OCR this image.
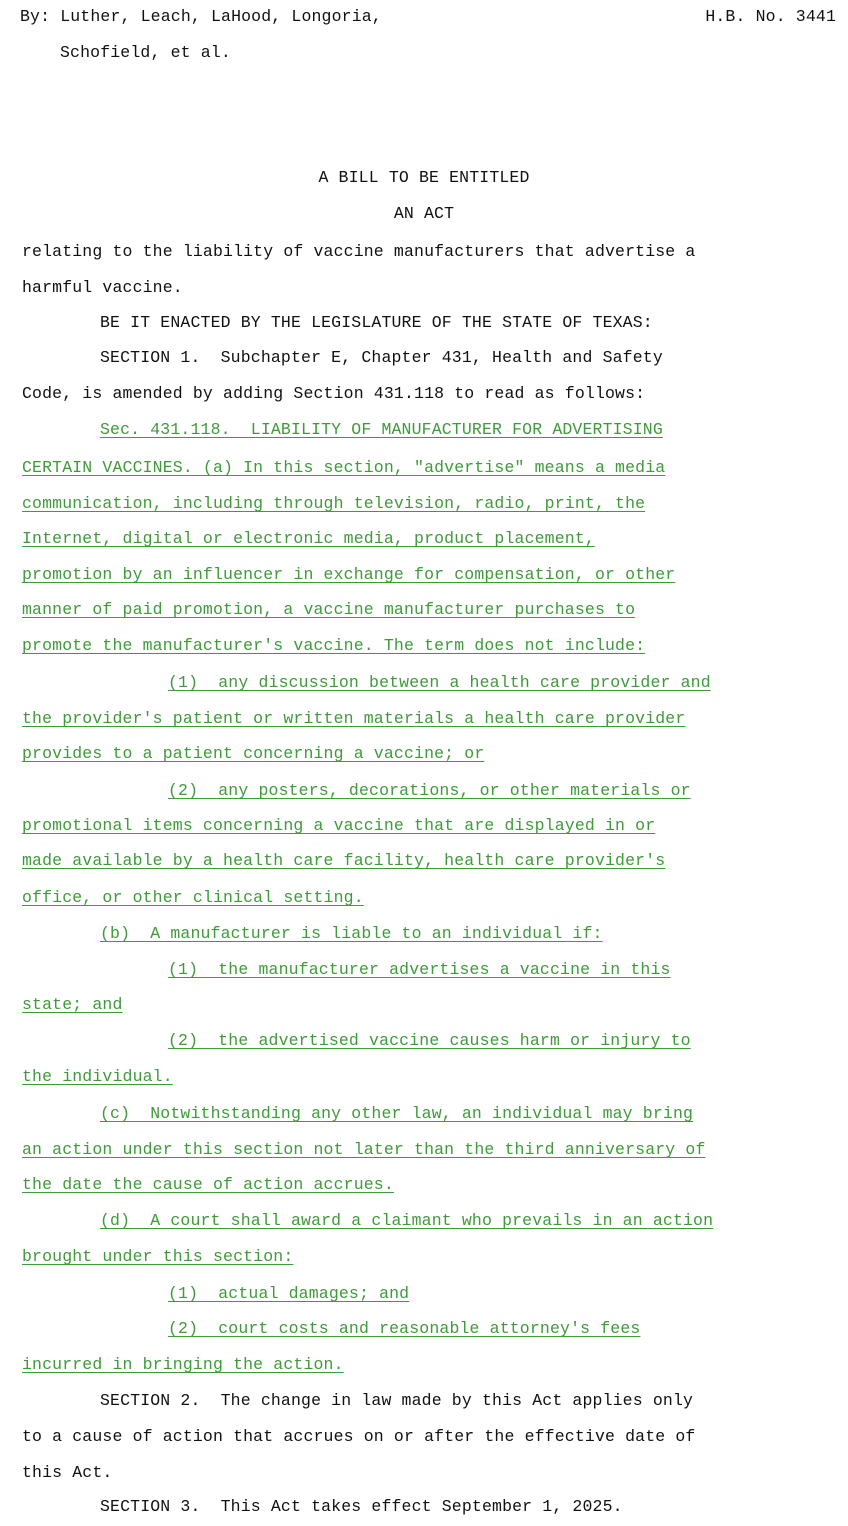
By: Luther, Leach, LaHood, Longoria,
Schofield, et al.
H.B. No. 3441
A BILL TO BE ENTITLED
AN ACT
relating to the liability of vaccine manufacturers that advertise a
harmful vaccine.
BE IT ENACTED BY THE LEGISLATURE OF THE STATE OF TEXAS:
SECTION 1.  Subchapter E, Chapter 431, Health and Safety
Code, is amended by adding Section 431.118 to read as follows:
Sec. 431.118.  LIABILITY OF MANUFACTURER FOR ADVERTISING
CERTAIN VACCINES. (a) In this section, "advertise" means a media
communication, including through television, radio, print, the
Internet, digital or electronic media, product placement,
promotion by an influencer in exchange for compensation, or other
manner of paid promotion, a vaccine manufacturer purchases to
promote the manufacturer's vaccine. The term does not include:
(1)  any discussion between a health care provider and
the provider's patient or written materials a health care provider
provides to a patient concerning a vaccine; or
(2)  any posters, decorations, or other materials or
promotional items concerning a vaccine that are displayed in or
made available by a health care facility, health care provider's
office, or other clinical setting.
(b)  A manufacturer is liable to an individual if:
(1)  the manufacturer advertises a vaccine in this
state; and
(2)  the advertised vaccine causes harm or injury to
the individual.
(c)  Notwithstanding any other law, an individual may bring
an action under this section not later than the third anniversary of
the date the cause of action accrues.
(d)  A court shall award a claimant who prevails in an action
brought under this section:
(1)  actual damages; and
(2)  court costs and reasonable attorney's fees
incurred in bringing the action.
SECTION 2.  The change in law made by this Act applies only
to a cause of action that accrues on or after the effective date of
this Act.
SECTION 3.  This Act takes effect September 1, 2025.
